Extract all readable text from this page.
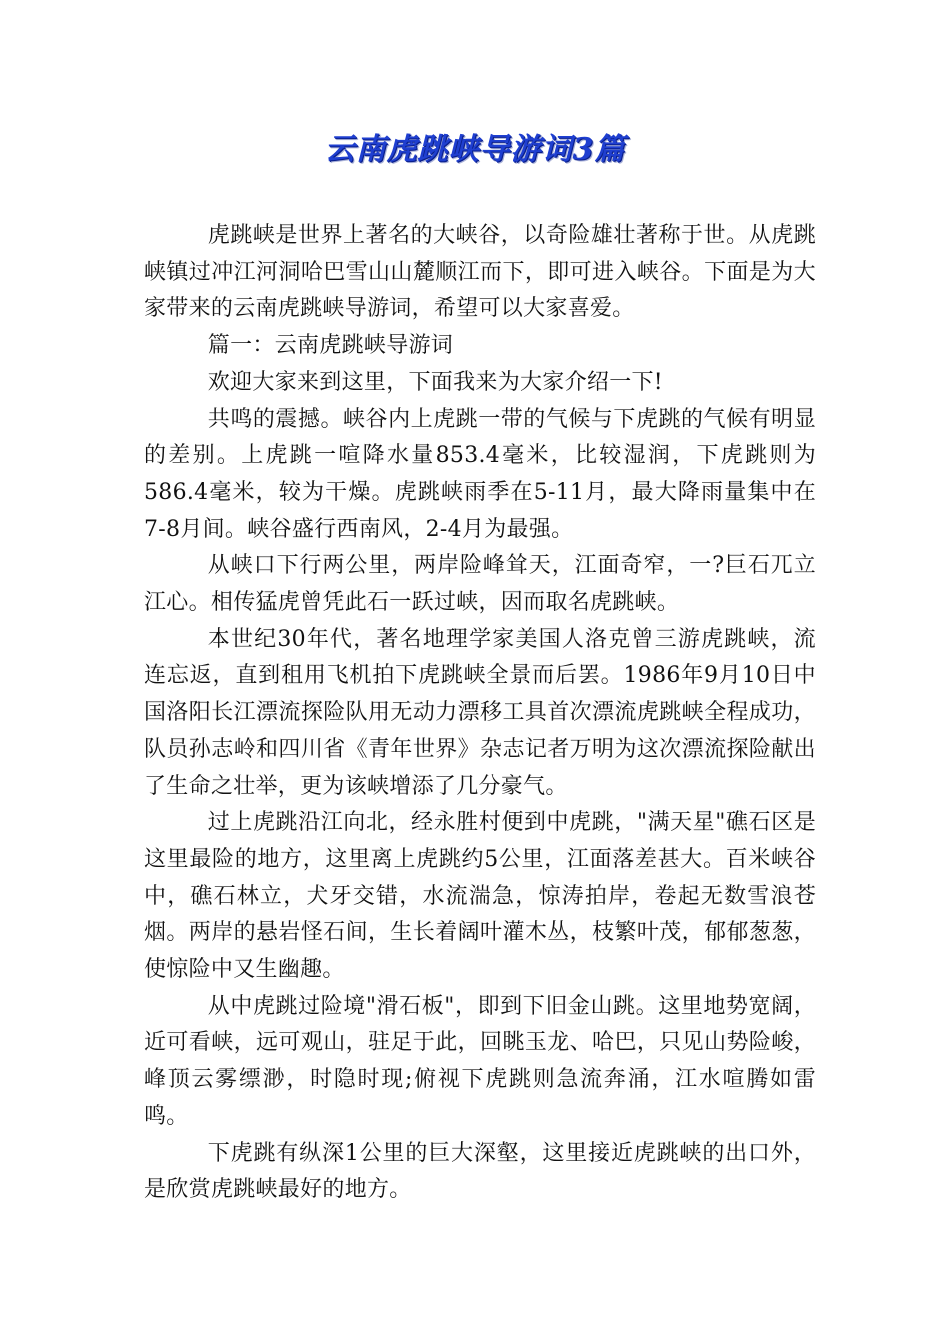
云南虎跳峡导游词3篇

虎跳峡是世界上著名的大峡谷，以奇险雄壮著称于世。从虎跳峡镇过冲江河洞哈巴雪山山麓顺江而下，即可进入峡谷。下面是为大家带来的云南虎跳峡导游词，希望可以大家喜爱。

篇一：云南虎跳峡导游词

欢迎大家来到这里，下面我来为大家介绍一下!

共鸣的震撼。峡谷内上虎跳一带的气候与下虎跳的气候有明显的差别。上虎跳一喧降水量853.4毫米，比较湿润，下虎跳则为586.4毫米，较为干燥。虎跳峡雨季在5-11月，最大降雨量集中在7-8月间。峡谷盛行西南风，2-4月为最强。

从峡口下行两公里，两岸险峰耸天，江面奇窄，一?巨石兀立江心。相传猛虎曾凭此石一跃过峡，因而取名虎跳峡。

本世纪30年代，著名地理学家美国人洛克曾三游虎跳峡，流连忘返，直到租用飞机拍下虎跳峡全景而后罢。1986年9月10日中国洛阳长江漂流探险队用无动力漂移工具首次漂流虎跳峡全程成功，队员孙志岭和四川省《青年世界》杂志记者万明为这次漂流探险献出了生命之壮举，更为该峡增添了几分豪气。

过上虎跳沿江向北，经永胜村便到中虎跳，"满天星"礁石区是这里最险的地方，这里离上虎跳约5公里，江面落差甚大。百米峡谷中，礁石林立，犬牙交错，水流湍急，惊涛拍岸，卷起无数雪浪苍烟。两岸的悬岩怪石间，生长着阔叶灌木丛，枝繁叶茂，郁郁葱葱，使惊险中又生幽趣。

从中虎跳过险境"滑石板"，即到下旧金山跳。这里地势宽阔，近可看峡，远可观山，驻足于此，回眺玉龙、哈巴，只见山势险峻，峰顶云雾缥渺，时隐时现;俯视下虎跳则急流奔涌，江水喧腾如雷鸣。

下虎跳有纵深1公里的巨大深壑，这里接近虎跳峡的出口外，是欣赏虎跳峡最好的地方。
